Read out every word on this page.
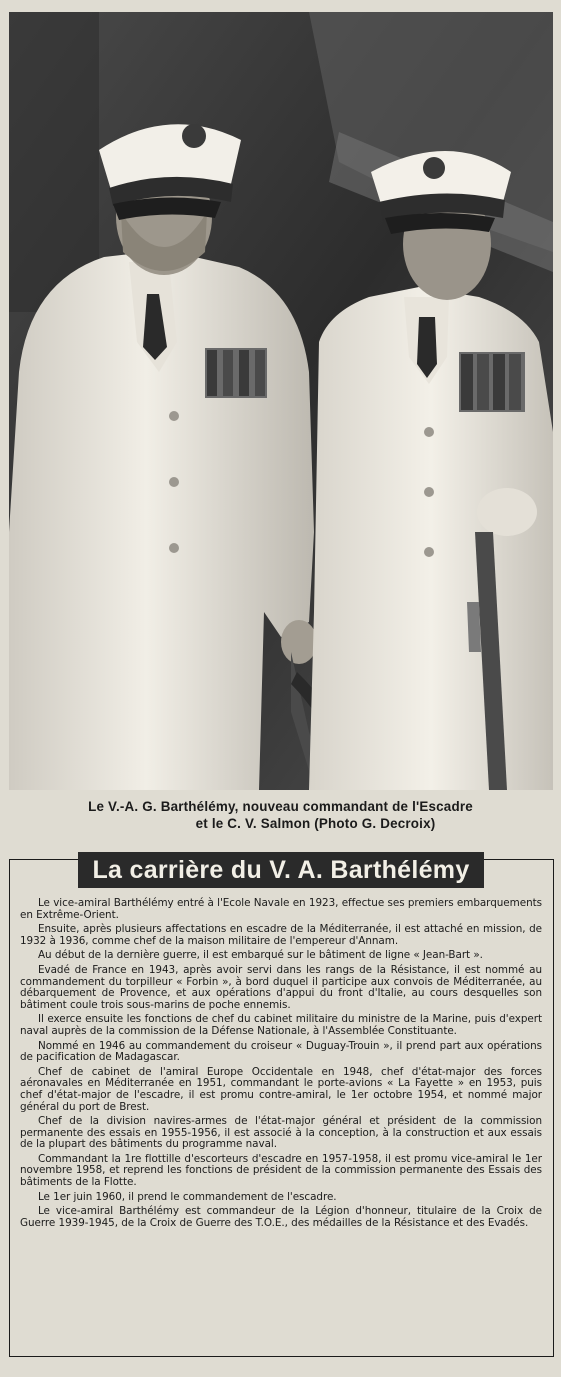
Le V.-A. G. Barthélémy, nouveau commandant de l'Escadre
et le C. V. Salmon (Photo G. Decroix)
La carrière du V. A. Barthélémy

Le vice-amiral Barthélémy entré à l'Ecole Navale en 1923, effectue ses premiers embarquements en Extrême-Orient.

Ensuite, après plusieurs affectations en escadre de la Méditerranée, il est attaché en mission, de 1932 à 1936, comme chef de la maison militaire de l'empereur d'Annam.

Au début de la dernière guerre, il est embarqué sur le bâtiment de ligne « Jean-Bart ».

Evadé de France en 1943, après avoir servi dans les rangs de la Résistance, il est nommé au commandement du torpilleur « Forbin », à bord duquel il participe aux convois de Méditerranée, au débarquement de Provence, et aux opérations d'appui du front d'Italie, au cours desquelles son bâtiment coule trois sous-marins de poche ennemis.

Il exerce ensuite les fonctions de chef du cabinet militaire du ministre de la Marine, puis d'expert naval auprès de la commission de la Défense Nationale, à l'Assemblée Constituante.

Nommé en 1946 au commandement du croiseur « Duguay-Trouin », il prend part aux opérations de pacification de Madagascar.

Chef de cabinet de l'amiral Europe Occidentale en 1948, chef d'état-major des forces aéronavales en Méditerranée en 1951, commandant le porte-avions « La Fayette » en 1953, puis chef d'état-major de l'escadre, il est promu contre-amiral, le 1er octobre 1954, et nommé major général du port de Brest.

Chef de la division navires-armes de l'état-major général et président de la commission permanente des essais en 1955-1956, il est associé à la conception, à la construction et aux essais de la plupart des bâtiments du programme naval.

Commandant la 1re flottille d'escorteurs d'escadre en 1957-1958, il est promu vice-amiral le 1er novembre 1958, et reprend les fonctions de président de la commission permanente des Essais des bâtiments de la Flotte.

Le 1er juin 1960, il prend le commandement de l'escadre.

Le vice-amiral Barthélémy est commandeur de la Légion d'honneur, titulaire de la Croix de Guerre 1939-1945, de la Croix de Guerre des T.O.E., des médailles de la Résistance et des Evadés.
